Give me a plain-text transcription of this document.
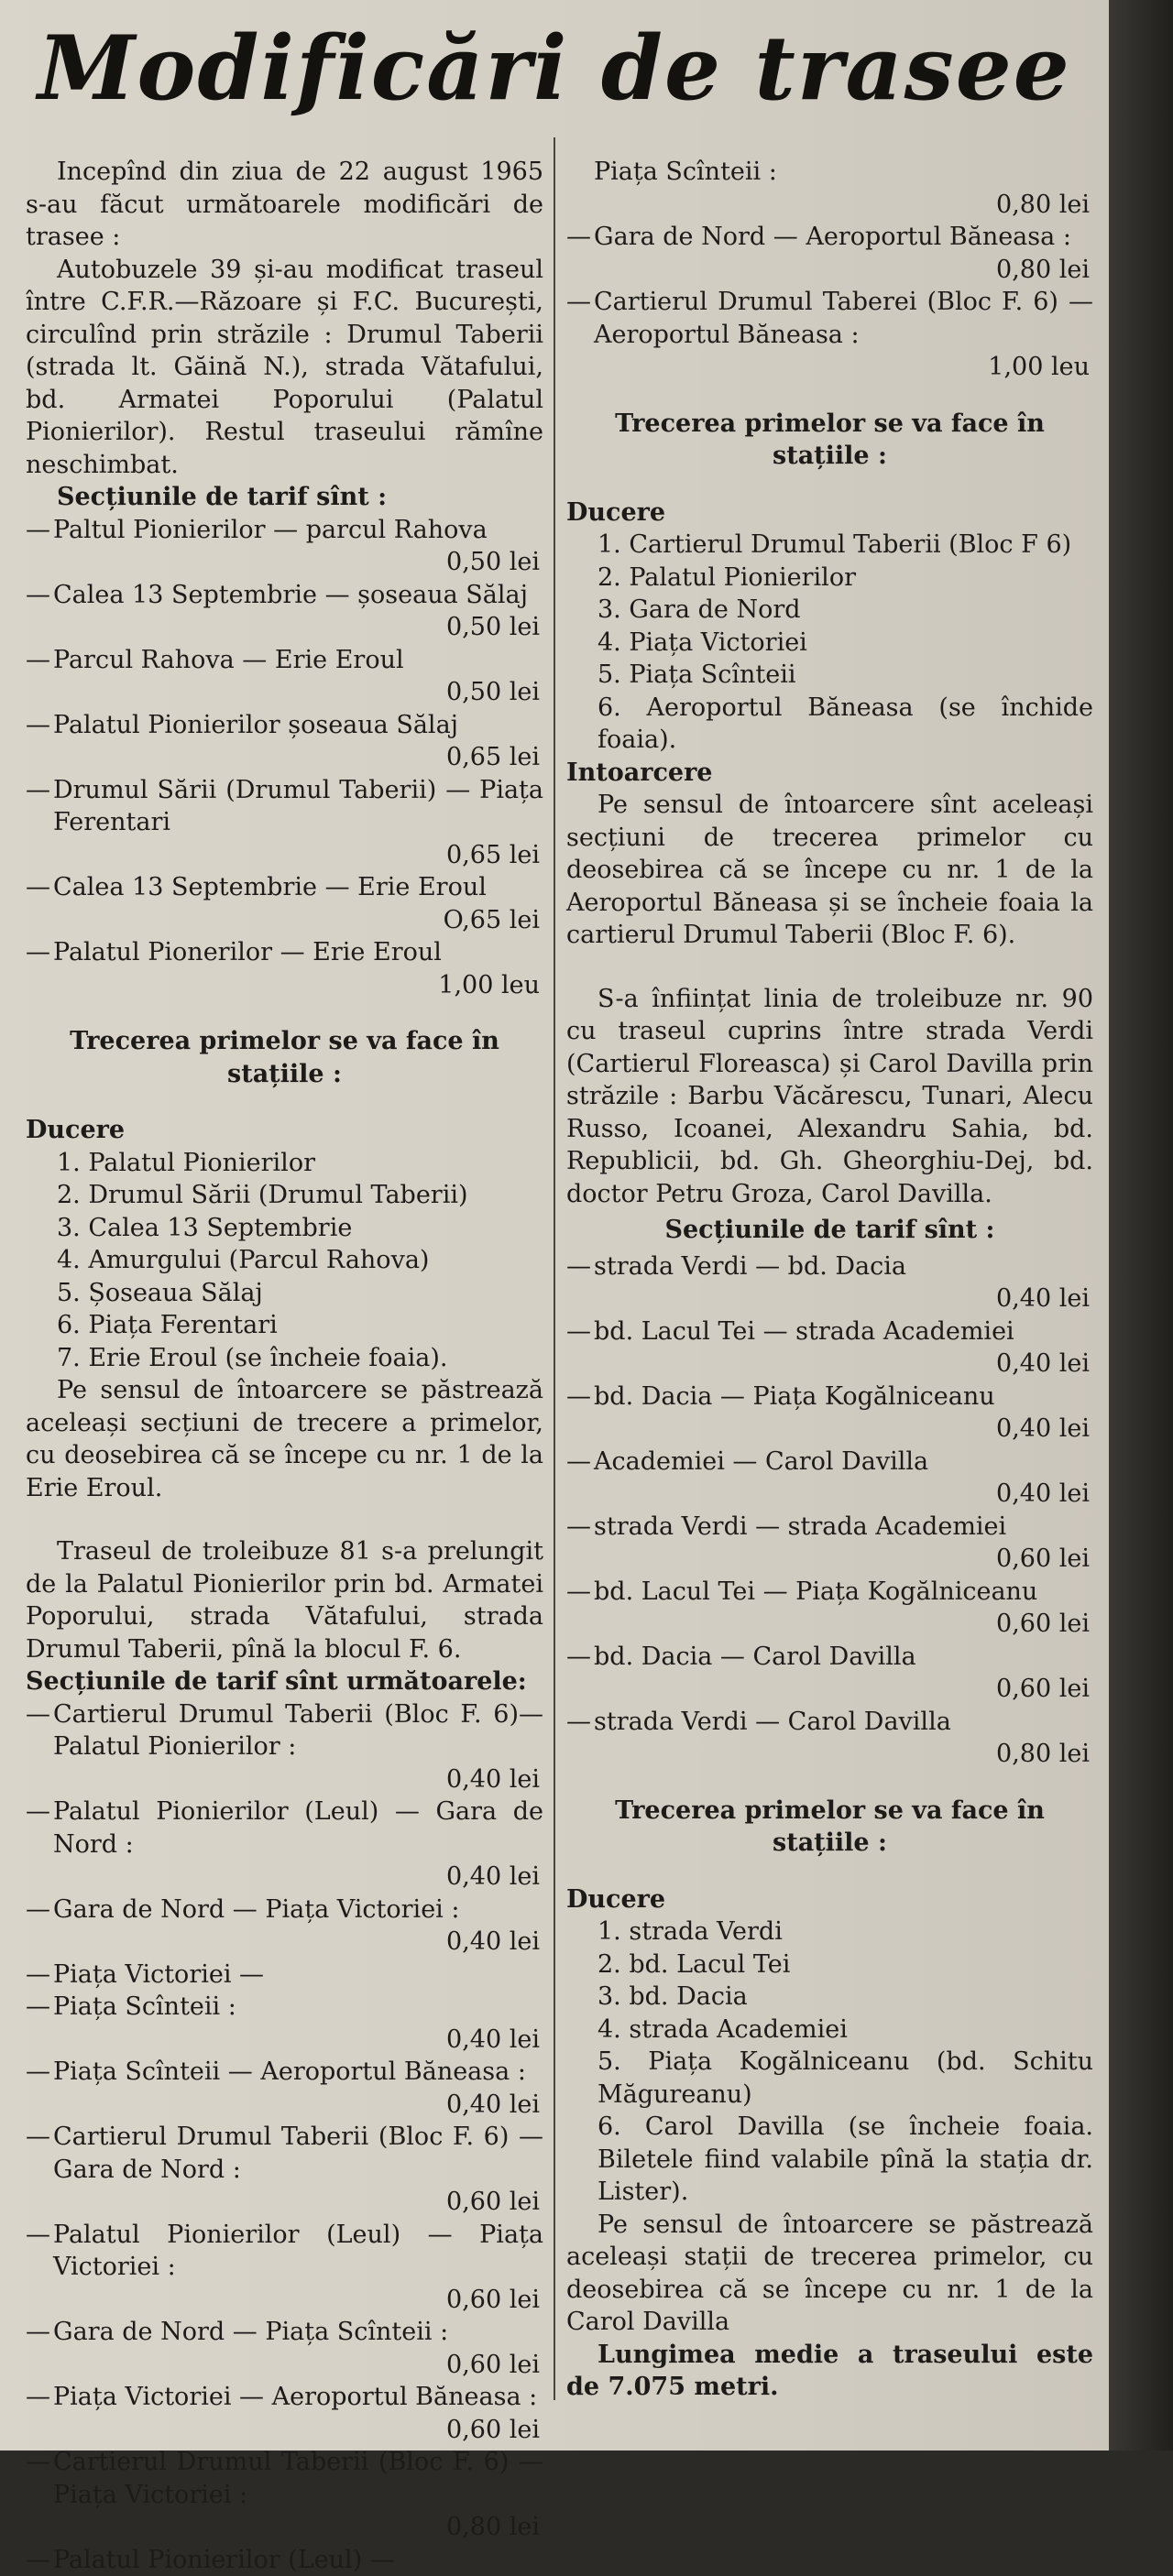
Modificări de trasee

Incepînd din ziua de 22 august 1965 s-au făcut următoarele modificări de trasee :

Autobuzele 39 și-au modificat traseul între C.F.R.—Răzoare și F.C. București, circulînd prin străzile : Drumul Taberii (strada lt. Găină N.), strada Vătafului, bd. Armatei Poporului (Palatul Pionierilor). Restul traseului rămîne neschimbat.

Secțiunile de tarif sînt :

— Paltul Pionierilor — parcul Rahova

0,50 lei

— Calea 13 Septembrie — șoseaua Sălaj

0,50 lei

— Parcul Rahova — Erie Eroul

0,50 lei

— Palatul Pionierilor șoseaua Sălaj

0,65 lei

— Drumul Sării (Drumul Taberii) — Piața Ferentari

0,65 lei

— Calea 13 Septembrie — Erie Eroul

O,65 lei

— Palatul Pionerilor — Erie Eroul

1,00 leu

Trecerea primelor se va face în stațiile :

Ducere

1. Palatul Pionierilor

2. Drumul Sării (Drumul Taberii)

3. Calea 13 Septembrie

4. Amurgului (Parcul Rahova)

5. Șoseaua Sălaj

6. Piața Ferentari

7. Erie Eroul (se încheie foaia).

Pe sensul de întoarcere se păstrează aceleași secțiuni de trecere a primelor, cu deosebirea că se începe cu nr. 1 de la Erie Eroul.

Traseul de troleibuze 81 s-a prelungit de la Palatul Pionierilor prin bd. Armatei Poporului, strada Vătafului, strada Drumul Taberii, pînă la blocul F. 6.

Secțiunile de tarif sînt următoarele:

— Cartierul Drumul Taberii (Bloc F. 6)—Palatul Pionierilor :

0,40 lei

— Palatul Pionierilor (Leul) — Gara de Nord :

0,40 lei

— Gara de Nord — Piața Victoriei :

0,40 lei

— Piața Victoriei —

— Piața Scînteii :

0,40 lei

— Piața Scînteii — Aeroportul Băneasa :

0,40 lei

— Cartierul Drumul Taberii (Bloc F. 6) — Gara de Nord :

0,60 lei

— Palatul Pionierilor (Leul) — Piața Victoriei :

0,60 lei

— Gara de Nord — Piața Scînteii :

0,60 lei

— Piața Victoriei — Aeroportul Băneasa :

0,60 lei

— Cartierul Drumul Taberii (Bloc F. 6) — Piața Victoriei :

0,80 lei

— Palatul Pionierilor (Leul) —

Piața Scînteii :

0,80 lei

— Gara de Nord — Aeroportul Băneasa :

0,80 lei

— Cartierul Drumul Taberei (Bloc F. 6) — Aeroportul Băneasa :

1,00 leu

Trecerea primelor se va face în stațiile :

Ducere

1. Cartierul Drumul Taberii (Bloc F 6)

2. Palatul Pionierilor

3. Gara de Nord

4. Piața Victoriei

5. Piața Scînteii

6. Aeroportul Băneasa (se închide foaia).

Intoarcere

Pe sensul de întoarcere sînt aceleași secțiuni de trecerea primelor cu deosebirea că se începe cu nr. 1 de la Aeroportul Băneasa și se încheie foaia la cartierul Drumul Taberii (Bloc F. 6).

S-a înființat linia de troleibuze nr. 90 cu traseul cuprins între strada Verdi (Cartierul Floreasca) și Carol Davilla prin străzile : Barbu Văcărescu, Tunari, Alecu Russo, Icoanei, Alexandru Sahia, bd. Republicii, bd. Gh. Gheorghiu-Dej, bd. doctor Petru Groza, Carol Davilla.

Secțiunile de tarif sînt :

— strada Verdi — bd. Dacia

0,40 lei

— bd. Lacul Tei — strada Academiei

0,40 lei

— bd. Dacia — Piața Kogălniceanu

0,40 lei

— Academiei — Carol Davilla

0,40 lei

— strada Verdi — strada Academiei

0,60 lei

— bd. Lacul Tei — Piața Kogălniceanu

0,60 lei

— bd. Dacia — Carol Davilla

0,60 lei

— strada Verdi — Carol Davilla

0,80 lei

Trecerea primelor se va face în stațiile :

Ducere

1. strada Verdi

2. bd. Lacul Tei

3. bd. Dacia

4. strada Academiei

5. Piața Kogălniceanu (bd. Schitu Măgureanu)

6. Carol Davilla (se încheie foaia. Biletele fiind valabile pînă la stația dr. Lister).

Pe sensul de întoarcere se păstrează aceleași stații de trecerea primelor, cu deosebirea că se începe cu nr. 1 de la Carol Davilla

Lungimea medie a traseului este de 7.075 metri.
